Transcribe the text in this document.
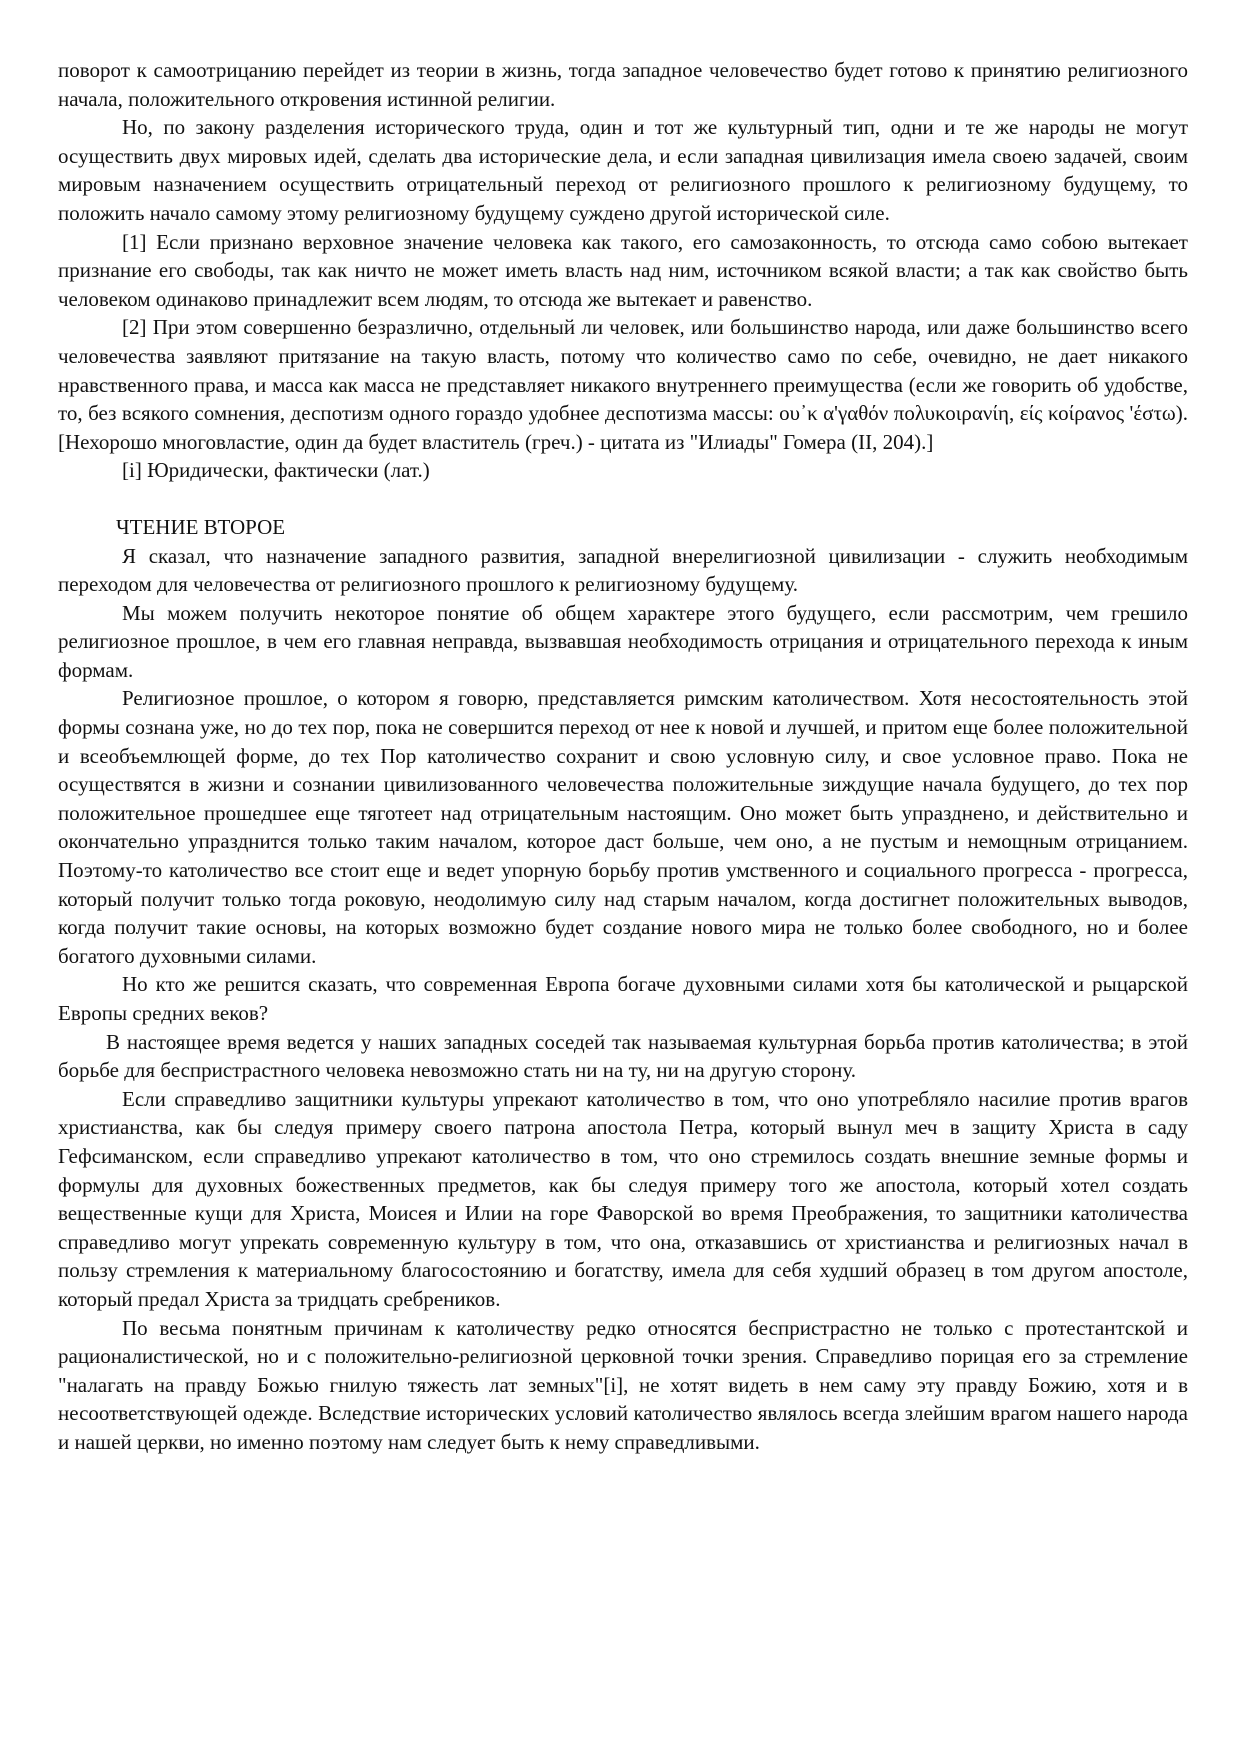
поворот к самоотрицанию перейдет из теории в жизнь, тогда западное человечество будет готово к принятию религиозного начала, положительного откровения истинной религии.

Но, по закону разделения исторического труда, один и тот же культурный тип, одни и те же народы не могут осуществить двух мировых идей, сделать два исторические дела, и если западная цивилизация имела своею задачей, своим мировым назначением осуществить отрицательный переход от религиозного прошлого к религиозному будущему, то положить начало самому этому религиозному будущему суждено другой исторической силе.

[1] Если признано верховное значение человека как такого, его самозаконность, то отсюда само собою вытекает признание его свободы, так как ничто не может иметь власть над ним, источником всякой власти; а так как свойство быть человеком одинаково принадлежит всем людям, то отсюда же вытекает и равенство.

[2] При этом совершенно безразлично, отдельный ли человек, или большинство народа, или даже большинство всего человечества заявляют притязание на такую власть, потому что количество само по себе, очевидно, не дает никакого нравственного права, и масса как масса не представляет никакого внутреннего преимущества (если же говорить об удобстве, то, без всякого сомнения, деспотизм одного гораздо удобнее деспотизма массы: ου᾽κ α'γαθόν πολυκοιρανίη, είς κοίρανος 'έστω). [Нехорошо многовластие, один да будет властитель (греч.) - цитата из "Илиады" Гомера (II, 204).]

[i] Юридически, фактически (лат.)

ЧТЕНИЕ ВТОРОЕ

Я сказал, что назначение западного развития, западной внерелигиозной цивилизации - служить необходимым переходом для человечества от религиозного прошлого к религиозному будущему.

Мы можем получить некоторое понятие об общем характере этого будущего, если рассмотрим, чем грешило религиозное прошлое, в чем его главная неправда, вызвавшая необходимость отрицания и отрицательного перехода к иным формам.

Религиозное прошлое, о котором я говорю, представляется римским католичеством. Хотя несостоятельность этой формы сознана уже, но до тех пор, пока не совершится переход от нее к новой и лучшей, и притом еще более положительной и всеобъемлющей форме, до тех Пор католичество сохранит и свою условную силу, и свое условное право. Пока не осуществятся в жизни и сознании цивилизованного человечества положительные зиждущие начала будущего, до тех пор положительное прошедшее еще тяготеет над отрицательным настоящим. Оно может быть упразднено, и действительно и окончательно упразднится только таким началом, которое даст больше, чем оно, а не пустым и немощным отрицанием. Поэтому-то католичество все стоит еще и ведет упорную борьбу против умственного и социального прогресса - прогресса, который получит только тогда роковую, неодолимую силу над старым началом, когда достигнет положительных выводов, когда получит такие основы, на которых возможно будет создание нового мира не только более свободного, но и более богатого духовными силами.

Но кто же решится сказать, что современная Европа богаче духовными силами хотя бы католической и рыцарской Европы средних веков?

В настоящее время ведется у наших западных соседей так называемая культурная борьба против католичества; в этой борьбе для беспристрастного человека невозможно стать ни на ту, ни на другую сторону.

Если справедливо защитники культуры упрекают католичество в том, что оно употребляло насилие против врагов христианства, как бы следуя примеру своего патрона апостола Петра, который вынул меч в защиту Христа в саду Гефсиманском, если справедливо упрекают католичество в том, что оно стремилось создать внешние земные формы и формулы для духовных божественных предметов, как бы следуя примеру того же апостола, который хотел создать вещественные кущи для Христа, Моисея и Илии на горе Фаворской во время Преображения, то защитники католичества справедливо могут упрекать современную культуру в том, что она, отказавшись от христианства и религиозных начал в пользу стремления к материальному благосостоянию и богатству, имела для себя худший образец в том другом апостоле, который предал Христа за тридцать сребреников.

По весьма понятным причинам к католичеству редко относятся беспристрастно не только с протестантской и рационалистической, но и с положительно-религиозной церковной точки зрения. Справедливо порицая его за стремление "налагать на правду Божью гнилую тяжесть лат земных"[i], не хотят видеть в нем саму эту правду Божию, хотя и в несоответствующей одежде. Вследствие исторических условий католичество являлось всегда злейшим врагом нашего народа и нашей церкви, но именно поэтому нам следует быть к нему справедливыми.
